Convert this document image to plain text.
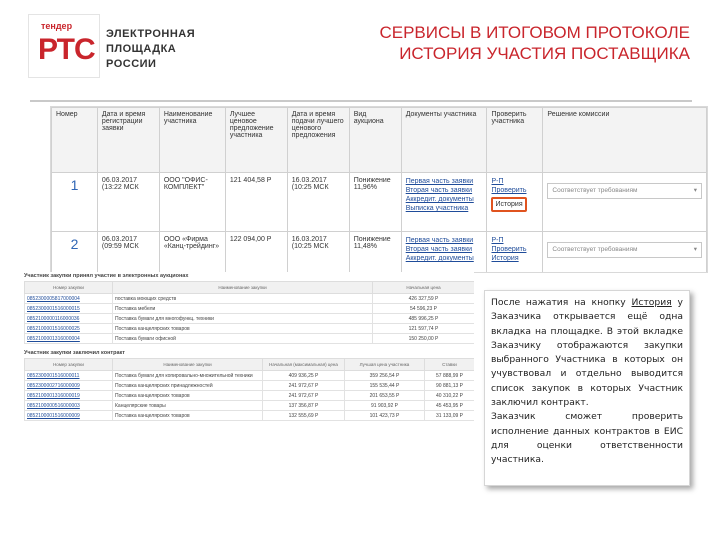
тендер
РТС ЭЛЕКТРОННАЯ
ПЛОЩАДКА
РОССИИ
СЕРВИСЫ В ИТОГОВОМ ПРОТОКОЛЕ
ИСТОРИЯ УЧАСТИЯ ПОСТАВЩИКА
Номер	Дата и время регистрации заявки	Наименование участника	Лучшее ценовое предложение участника	Дата и время подачи лучшего ценового предложения	Вид аукциона	Документы участника	Проверить участника	Решение комиссии
1	06.03.2017 (13:22 МСК	ООО "ОФИС-КОМПЛЕКТ"	121 404,58 Р	16.03.2017 (10:25 МСК	Понижение 11,96%	Первая часть заявки
Вторая часть заявки
Аккредит. документы
Выписка участника	Р-П
Проверить
История	Соответствует требованиям ▾

2	06.03.2017 (09:59 МСК	ООО «Фирма «Канц-трейдинг»	122 094,00 Р	16.03.2017 (10:25 МСК	Понижение 11,48%	Первая часть заявки
Вторая часть заявки
Аккредит. документы	Р-П
Проверить
История	Соответствует требованиям ▾
Участник закупки принял участие в электронных аукционах
Номер закупки	Наименование закупки	Начальная цена
0852300005817000004	поставка моющих средств	426 327,59 Р
0852300001516000015	Поставка мебели	54 596,23 Р
0852100000116000036	Поставка бумаги для многофункц. техники	485 996,25 Р
0852100001516000025	Поставка канцелярских товаров	121 597,74 Р
0852100001316000004	Поставка бумаги офисной	150 250,00 Р
Участник закупки заключил контракт
Номер закупки	Наименование закупки	Начальная (максимальная) цена	Лучшая цена участника	Ставки
0852300001516000011	Поставка бумаги для копировально-множительной техники	409 936,25 Р	359 256,54 Р	57 888,99 Р
0852300002716000009	Поставка канцелярских принадлежностей	241 972,67 Р	155 535,44 Р	90 881,13 Р
0852100001316000019	Поставка канцелярских товаров	241 972,67 Р	201 653,55 Р	40 310,22 Р
0852100000516000003	Канцелярские товары	137 356,87 Р	91 903,92 Р	45 453,95 Р
0852100001516000009	Поставка канцелярских товаров	132 555,69 Р	101 423,73 Р	31 133,09 Р
После нажатия на кнопку История у Заказчика открывается ещё одна вкладка на площадке. В этой вкладке Заказчику отображаются закупки выбранного Участника в которых он учувствовал и отдельно выводится список закупок в которых Участник заключил контракт.
Заказчик сможет проверить исполнение данных контрактов в ЕИС для оценки ответственности участника.
